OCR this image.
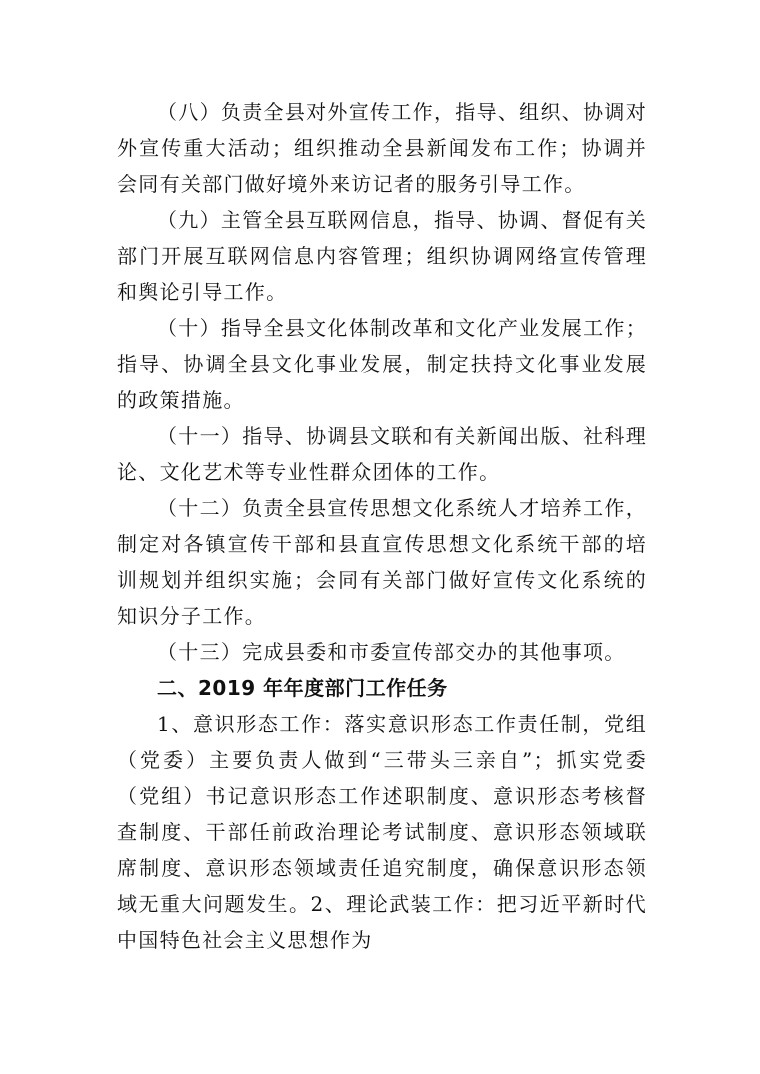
（八）负责全县对外宣传工作，指导、组织、协调对外宣传重大活动；组织推动全县新闻发布工作；协调并会同有关部门做好境外来访记者的服务引导工作。

（九）主管全县互联网信息，指导、协调、督促有关部门开展互联网信息内容管理；组织协调网络宣传管理和舆论引导工作。

（十）指导全县文化体制改革和文化产业发展工作；指导、协调全县文化事业发展，制定扶持文化事业发展的政策措施。

（十一）指导、协调县文联和有关新闻出版、社科理论、文化艺术等专业性群众团体的工作。

（十二）负责全县宣传思想文化系统人才培养工作，制定对各镇宣传干部和县直宣传思想文化系统干部的培训规划并组织实施；会同有关部门做好宣传文化系统的知识分子工作。

（十三）完成县委和市委宣传部交办的其他事项。

二、2019 年年度部门工作任务

1、意识形态工作：落实意识形态工作责任制，党组（党委）主要负责人做到“三带头三亲自”；抓实党委（党组）书记意识形态工作述职制度、意识形态考核督查制度、干部任前政治理论考试制度、意识形态领域联席制度、意识形态领域责任追究制度，确保意识形态领域无重大问题发生。2、理论武装工作：把习近平新时代中国特色社会主义思想作为
